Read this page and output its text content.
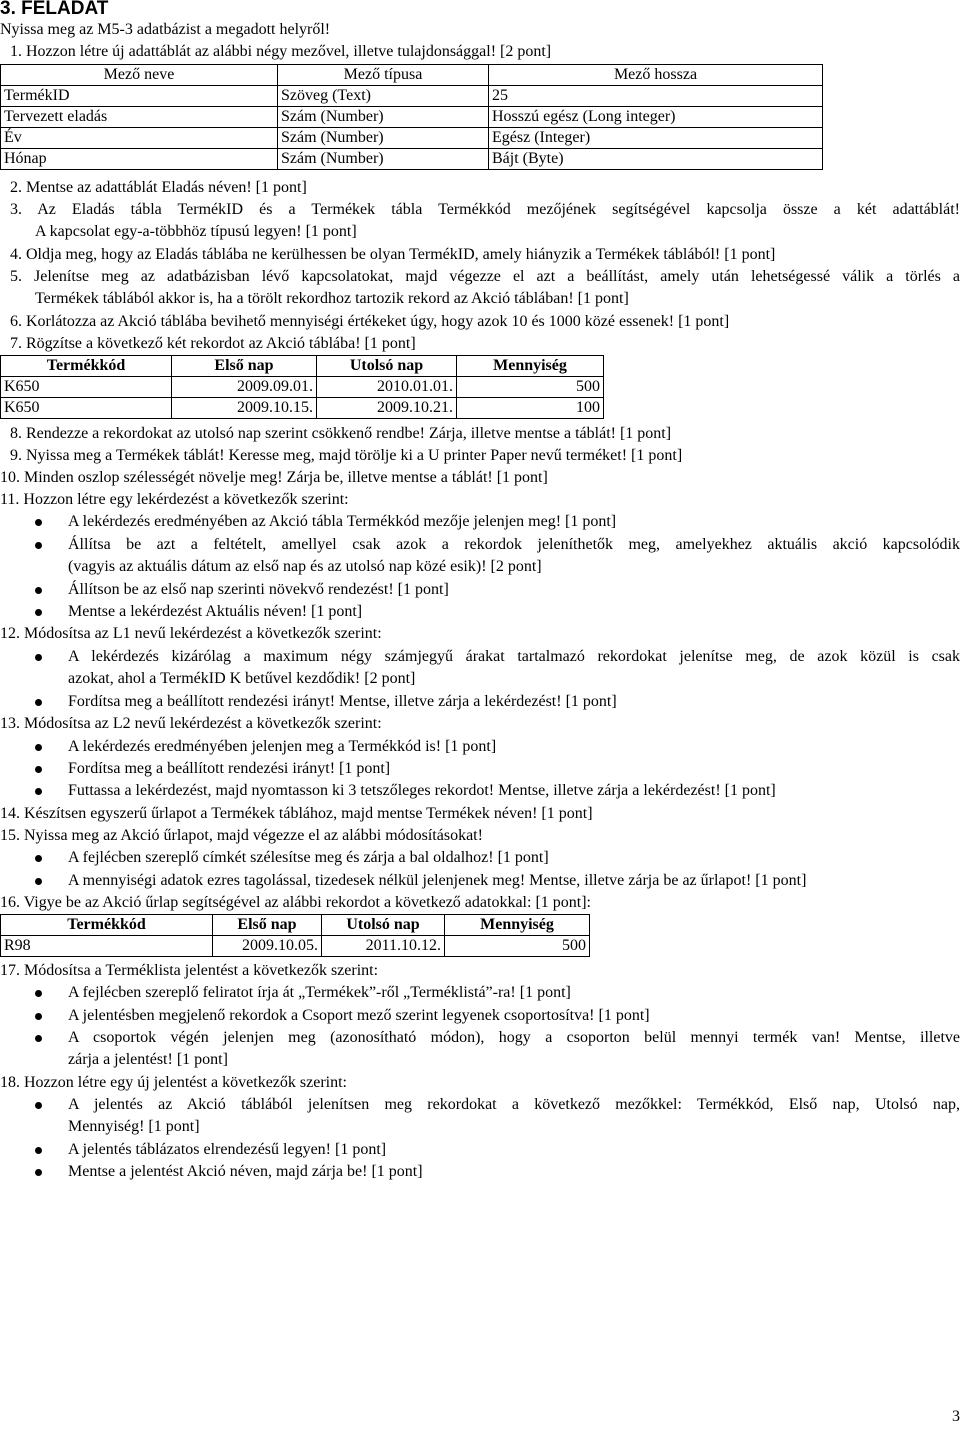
3. FELADAT
Nyissa meg az M5-3 adatbázist a megadott helyről!
1. Hozzon létre új adattáblát az alábbi négy mezővel, illetve tulajdonsággal! [2 pont]
Mező neve	Mező típusa	Mező hossza
TermékID	Szöveg (Text)	25
Tervezett eladás	Szám (Number)	Hosszú egész (Long integer)
Év	Szám (Number)	Egész (Integer)
Hónap	Szám (Number)	Bájt (Byte)
2. Mentse az adattáblát Eladás néven! [1 pont]
3. Az Eladás tábla TermékID és a Termékek tábla Termékkód mezőjének segítségével kapcsolja össze a két adattáblát!
A kapcsolat egy-a-többhöz típusú legyen! [1 pont]
4. Oldja meg, hogy az Eladás táblába ne kerülhessen be olyan TermékID, amely hiányzik a Termékek táblából! [1 pont]
5. Jelenítse meg az adatbázisban lévő kapcsolatokat, majd végezze el azt a beállítást, amely után lehetségessé válik a törlés a
Termékek táblából akkor is, ha a törölt rekordhoz tartozik rekord az Akció táblában! [1 pont]
6. Korlátozza az Akció táblába bevihető mennyiségi értékeket úgy, hogy azok 10 és 1000 közé essenek! [1 pont]
7. Rögzítse a következő két rekordot az Akció táblába! [1 pont]
Termékkód	Első nap	Utolsó nap	Mennyiség
K650	2009.09.01.	2010.01.01.	500
K650	2009.10.15.	2009.10.21.	100
8. Rendezze a rekordokat az utolsó nap szerint csökkenő rendbe! Zárja, illetve mentse a táblát! [1 pont]
9. Nyissa meg a Termékek táblát! Keresse meg, majd törölje ki a U printer Paper nevű terméket! [1 pont]
10. Minden oszlop szélességét növelje meg! Zárja be, illetve mentse a táblát! [1 pont]
11. Hozzon létre egy lekérdezést a következők szerint:
A lekérdezés eredményében az Akció tábla Termékkód mezője jelenjen meg! [1 pont]
Állítsa be azt a feltételt, amellyel csak azok a rekordok jeleníthetők meg, amelyekhez aktuális akció kapcsolódik
(vagyis az aktuális dátum az első nap és az utolsó nap közé esik)! [2 pont]
Állítson be az első nap szerinti növekvő rendezést! [1 pont]
Mentse a lekérdezést Aktuális néven! [1 pont]
12. Módosítsa az L1 nevű lekérdezést a következők szerint:
A lekérdezés kizárólag a maximum négy számjegyű árakat tartalmazó rekordokat jelenítse meg, de azok közül is csak
azokat, ahol a TermékID K betűvel kezdődik! [2 pont]
Fordítsa meg a beállított rendezési irányt! Mentse, illetve zárja a lekérdezést! [1 pont]
13. Módosítsa az L2 nevű lekérdezést a következők szerint:
A lekérdezés eredményében jelenjen meg a Termékkód is! [1 pont]
Fordítsa meg a beállított rendezési irányt! [1 pont]
Futtassa a lekérdezést, majd nyomtasson ki 3 tetszőleges rekordot! Mentse, illetve zárja a lekérdezést! [1 pont]
14. Készítsen egyszerű űrlapot a Termékek táblához, majd mentse Termékek néven! [1 pont]
15. Nyissa meg az Akció űrlapot, majd végezze el az alábbi módosításokat!
A fejlécben szereplő címkét szélesítse meg és zárja a bal oldalhoz! [1 pont]
A mennyiségi adatok ezres tagolással, tizedesek nélkül jelenjenek meg! Mentse, illetve zárja be az űrlapot! [1 pont]
16. Vigye be az Akció űrlap segítségével az alábbi rekordot a következő adatokkal: [1 pont]:
Termékkód	Első nap	Utolsó nap	Mennyiség
R98	2009.10.05.	2011.10.12.	500
17. Módosítsa a Terméklista jelentést a következők szerint:
A fejlécben szereplő feliratot írja át „Termékek”-ről „Terméklistá”-ra! [1 pont]
A jelentésben megjelenő rekordok a Csoport mező szerint legyenek csoportosítva! [1 pont]
A csoportok végén jelenjen meg (azonosítható módon), hogy a csoporton belül mennyi termék van! Mentse, illetve
zárja a jelentést! [1 pont]
18. Hozzon létre egy új jelentést a következők szerint:
A jelentés az Akció táblából jelenítsen meg rekordokat a következő mezőkkel: Termékkód, Első nap, Utolsó nap,
Mennyiség! [1 pont]
A jelentés táblázatos elrendezésű legyen! [1 pont]
Mentse a jelentést Akció néven, majd zárja be! [1 pont]
3
